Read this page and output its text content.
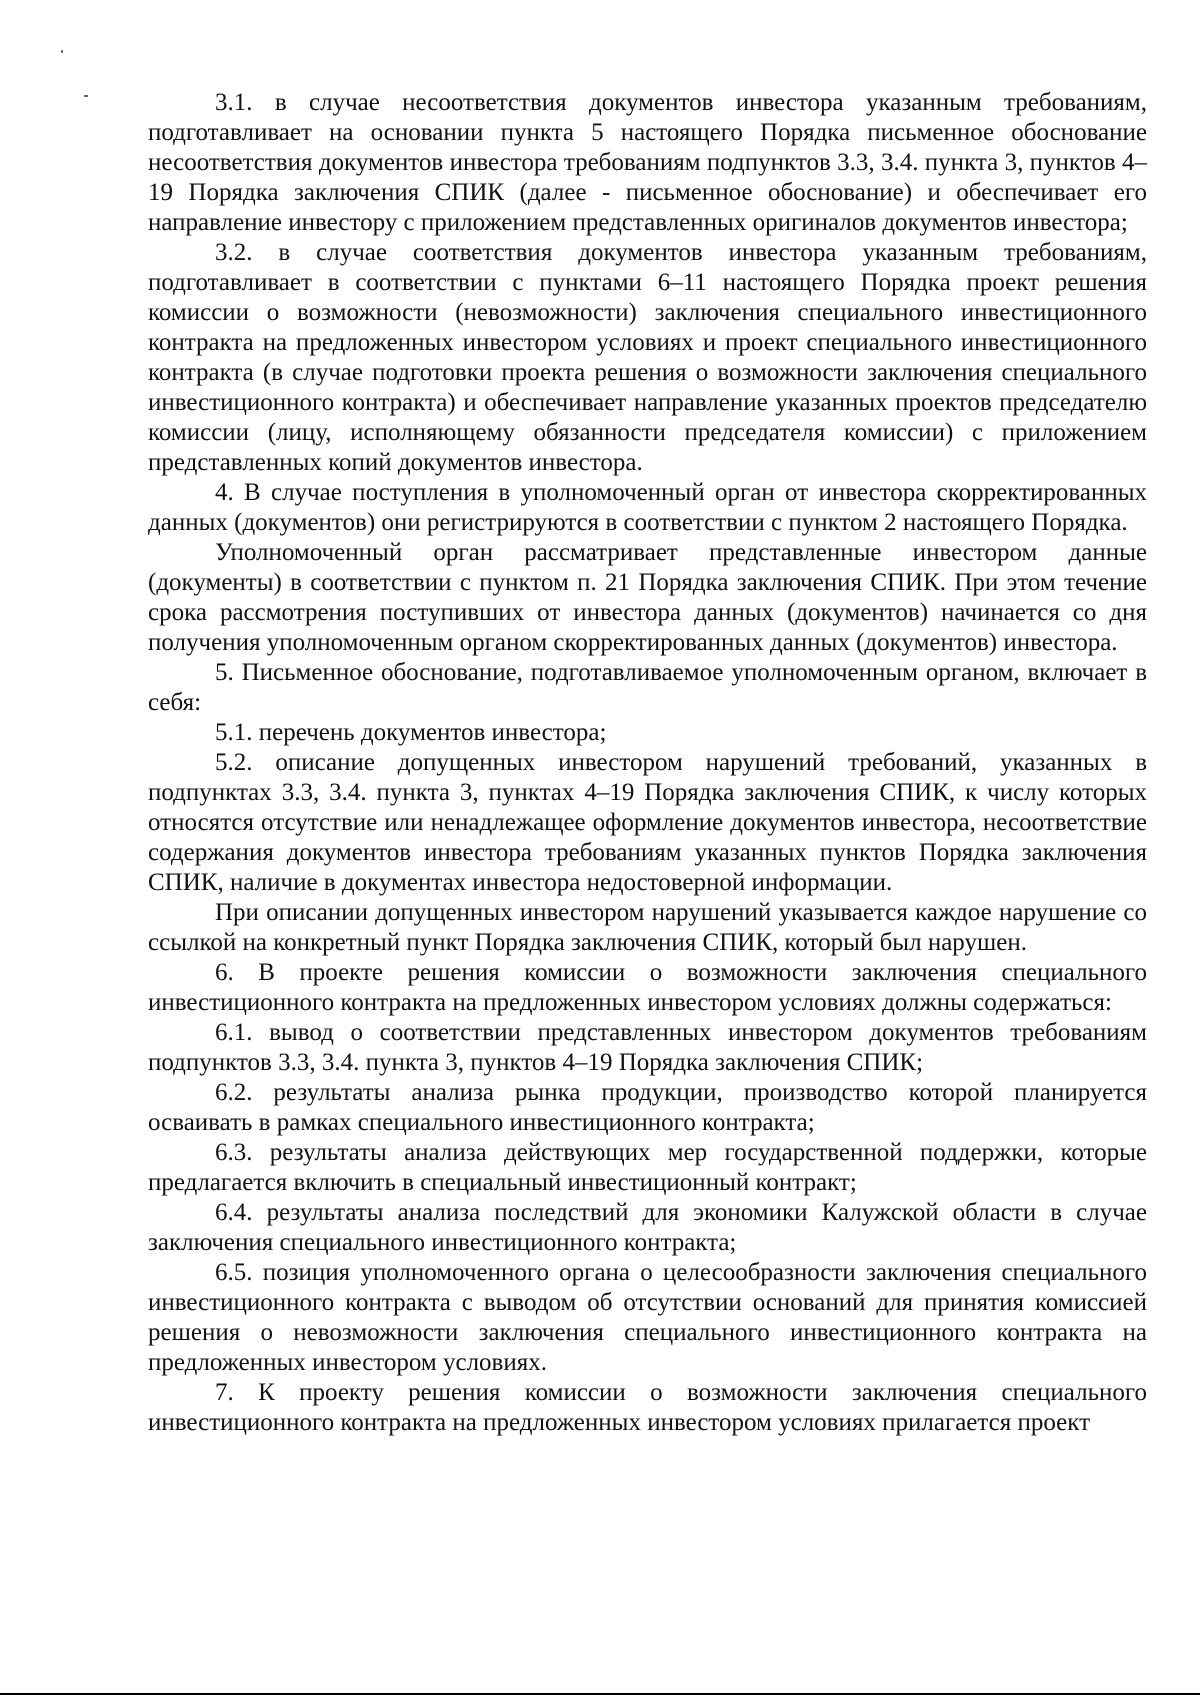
3.1. в случае несоответствия документов инвестора указанным требованиям, подготавливает на основании пункта 5 настоящего Порядка письменное обоснование несоответствия документов инвестора требованиям подпунктов 3.3, 3.4. пункта 3, пунктов 4–19 Порядка заключения СПИК (далее - письменное обоснование) и обеспечивает его направление инвестору с приложением представленных оригиналов документов инвестора;

3.2. в случае соответствия документов инвестора указанным требованиям, подготавливает в соответствии с пунктами 6–11 настоящего Порядка проект решения комиссии о возможности (невозможности) заключения специального инвестиционного контракта на предложенных инвестором условиях и проект специального инвестиционного контракта (в случае подготовки проекта решения о возможности заключения специального инвестиционного контракта) и обеспечивает направление указанных проектов председателю комиссии (лицу, исполняющему обязанности председателя комиссии) с приложением представленных копий документов инвестора.

4. В случае поступления в уполномоченный орган от инвестора скорректированных данных (документов) они регистрируются в соответствии с пунктом 2 настоящего Порядка.

Уполномоченный орган рассматривает представленные инвестором данные (документы) в соответствии с пунктом п. 21 Порядка заключения СПИК. При этом течение срока рассмотрения поступивших от инвестора данных (документов) начинается со дня получения уполномоченным органом скорректированных данных (документов) инвестора.

5. Письменное обоснование, подготавливаемое уполномоченным органом, включает в себя:

5.1. перечень документов инвестора;

5.2. описание допущенных инвестором нарушений требований, указанных в подпунктах 3.3, 3.4. пункта 3, пунктах 4–19 Порядка заключения СПИК, к числу которых относятся отсутствие или ненадлежащее оформление документов инвестора, несоответствие содержания документов инвестора требованиям указанных пунктов Порядка заключения СПИК, наличие в документах инвестора недостоверной информации.

При описании допущенных инвестором нарушений указывается каждое нарушение со ссылкой на конкретный пункт Порядка заключения СПИК, который был нарушен.

6. В проекте решения комиссии о возможности заключения специального инвестиционного контракта на предложенных инвестором условиях должны содержаться:

6.1. вывод о соответствии представленных инвестором документов требованиям подпунктов 3.3, 3.4. пункта 3, пунктов 4–19 Порядка заключения СПИК;

6.2. результаты анализа рынка продукции, производство которой планируется осваивать в рамках специального инвестиционного контракта;

6.3. результаты анализа действующих мер государственной поддержки, которые предлагается включить в специальный инвестиционный контракт;

6.4. результаты анализа последствий для экономики Калужской области в случае заключения специального инвестиционного контракта;

6.5. позиция уполномоченного органа о целесообразности заключения специального инвестиционного контракта с выводом об отсутствии оснований для принятия комиссией решения о невозможности заключения специального инвестиционного контракта на предложенных инвестором условиях.

7. К проекту решения комиссии о возможности заключения специального инвестиционного контракта на предложенных инвестором условиях прилагается проект
